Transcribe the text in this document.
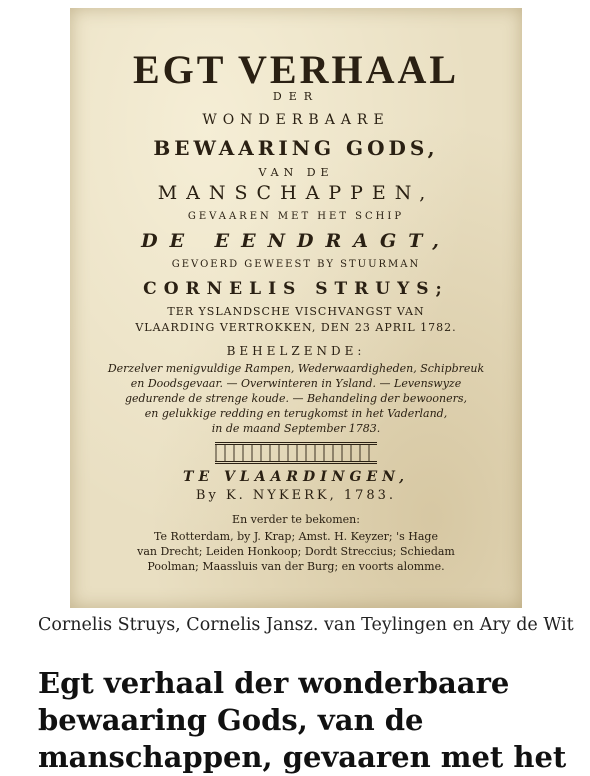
EGT VERHAAL
DER
WONDERBAARE
BEWAARING GODS,
VAN DE
MANSCHAPPEN,
GEVAAREN MET HET SCHIP
DE EENDRAGT,
GEVOERD GEWEEST BY STUURMAN
CORNELIS STRUYS;
TER YSLANDSCHE VISCHVANGST VAN
VLAARDING VERTROKKEN, DEN 23 APRIL 1782.
BEHELZENDE:
Derzelver menigvuldige Rampen, Wederwaardigheden, Schipbreuk
en Doodsgevaar. — Overwinteren in Ysland. — Levenswyze
gedurende de strenge koude. — Behandeling der bewooners,
en gelukkige redding en terugkomst in het Vaderland,
in de maand September 1783.
TE VLAARDINGEN,
By K. NYKERK, 1783.
En verder te bekomen:
Te Rotterdam, by J. Krap; Amst. H. Keyzer; 's Hage
van Drecht; Leiden Honkoop; Dordt Streccius; Schiedam
Poolman; Maassluis van der Burg; en voorts alomme.
Cornelis Struys, Cornelis Jansz. van Teylingen en Ary de Wit
Egt verhaal der wonderbaare bewaaring Gods, van de manschappen, gevaaren met het
